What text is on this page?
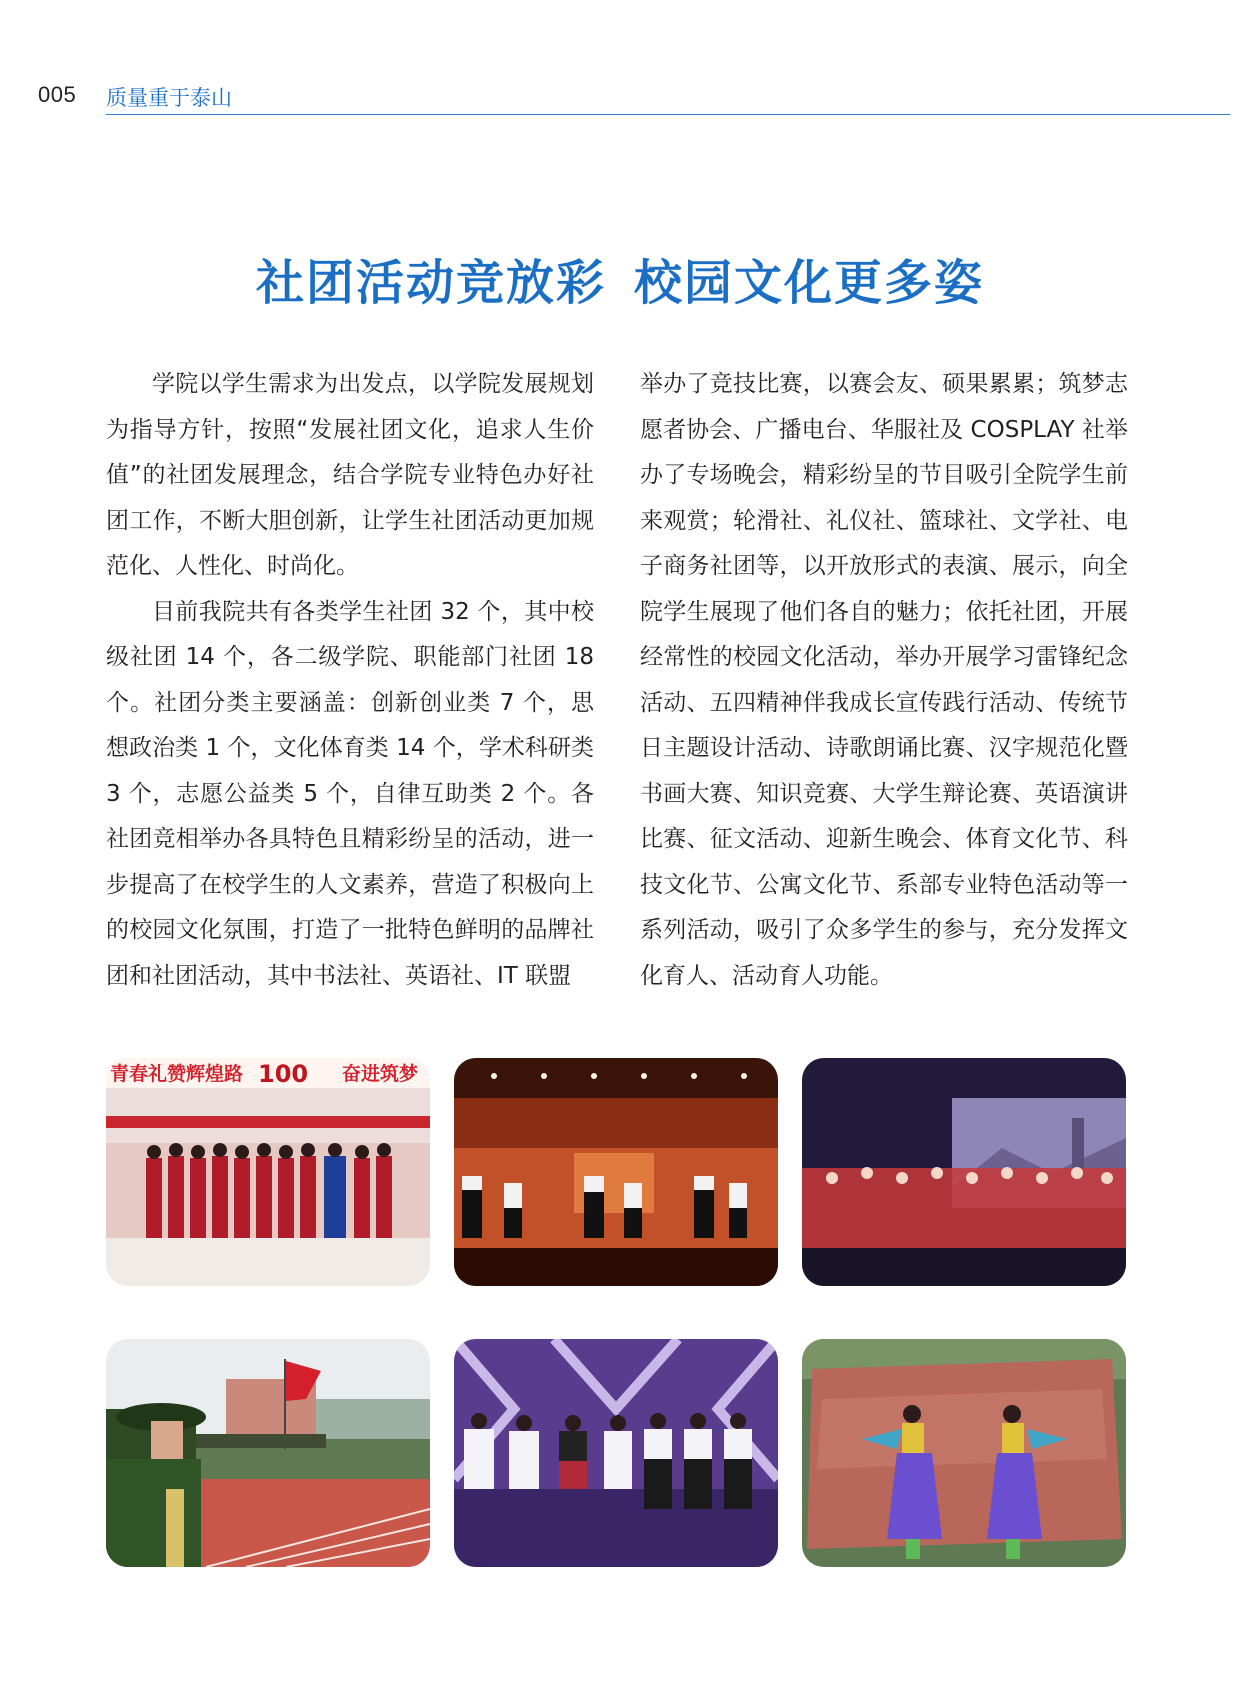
005 质量重于泰山
社团活动竞放彩 校园文化更多姿

学院以学生需求为出发点，以学院发展规划为指导方针，按照“发展社团文化，追求人生价值”的社团发展理念，结合学院专业特色办好社团工作，不断大胆创新，让学生社团活动更加规范化、人性化、时尚化。

目前我院共有各类学生社团 32 个，其中校级社团 14 个，各二级学院、职能部门社团 18 个。社团分类主要涵盖：创新创业类 7 个，思想政治类 1 个，文化体育类 14 个，学术科研类 3 个，志愿公益类 5 个，自律互助类 2 个。各社团竞相举办各具特色且精彩纷呈的活动，进一步提高了在校学生的人文素养，营造了积极向上的校园文化氛围，打造了一批特色鲜明的品牌社团和社团活动，其中书法社、英语社、IT 联盟

举办了竞技比赛，以赛会友、硕果累累；筑梦志愿者协会、广播电台、华服社及 COSPLAY 社举办了专场晚会，精彩纷呈的节目吸引全院学生前来观赏；轮滑社、礼仪社、篮球社、文学社、电子商务社团等，以开放形式的表演、展示，向全院学生展现了他们各自的魅力；依托社团，开展经常性的校园文化活动，举办开展学习雷锋纪念活动、五四精神伴我成长宣传践行活动、传统节日主题设计活动、诗歌朗诵比赛、汉字规范化暨书画大赛、知识竞赛、大学生辩论赛、英语演讲比赛、征文活动、迎新生晚会、体育文化节、科技文化节、公寓文化节、系部专业特色活动等一系列活动，吸引了众多学生的参与，充分发挥文化育人、活动育人功能。

青春礼赞辉煌路 100 奋进筑梦
